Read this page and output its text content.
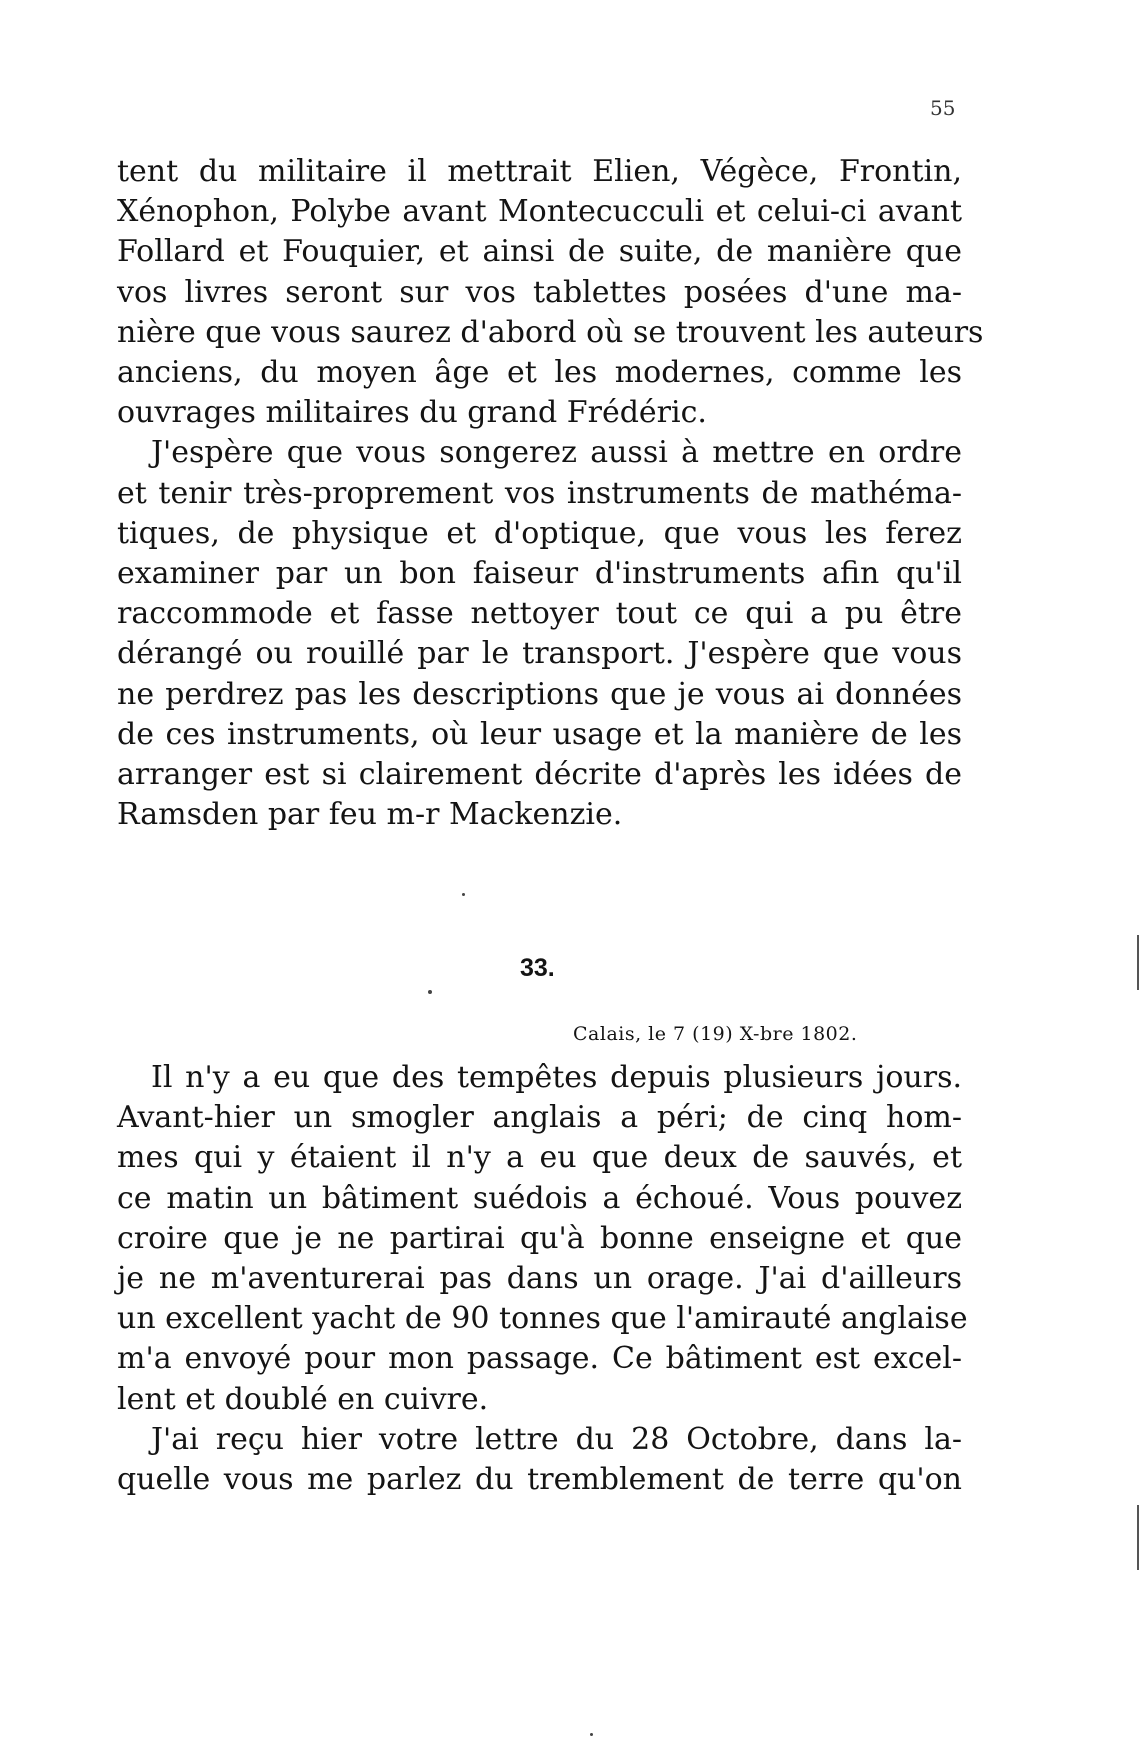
55
tent du militaire il mettrait Elien, Végèce, Frontin,
Xénophon, Polybe avant Montecucculi et celui-ci avant
Follard et Fouquier, et ainsi de suite, de manière que
vos livres seront sur vos tablettes posées d'une ma-
nière que vous saurez d'abord où se trouvent les auteurs
anciens, du moyen âge et les modernes, comme les
ouvrages militaires du grand Frédéric.
J'espère que vous songerez aussi à mettre en ordre
et tenir très-proprement vos instruments de mathéma-
tiques, de physique et d'optique, que vous les ferez
examiner par un bon faiseur d'instruments afin qu'il
raccommode et fasse nettoyer tout ce qui a pu être
dérangé ou rouillé par le transport. J'espère que vous
ne perdrez pas les descriptions que je vous ai données
de ces instruments, où leur usage et la manière de les
arranger est si clairement décrite d'après les idées de
Ramsden par feu m-r Mackenzie.
33.
Calais, le 7 (19) X-bre 1802.
Il n'y a eu que des tempêtes depuis plusieurs jours.
Avant-hier un smogler anglais a péri; de cinq hom-
mes qui y étaient il n'y a eu que deux de sauvés, et
ce matin un bâtiment suédois a échoué. Vous pouvez
croire que je ne partirai qu'à bonne enseigne et que
je ne m'aventurerai pas dans un orage. J'ai d'ailleurs
un excellent yacht de 90 tonnes que l'amirauté anglaise
m'a envoyé pour mon passage. Ce bâtiment est excel-
lent et doublé en cuivre.
J'ai reçu hier votre lettre du 28 Octobre, dans la-
quelle vous me parlez du tremblement de terre qu'on
